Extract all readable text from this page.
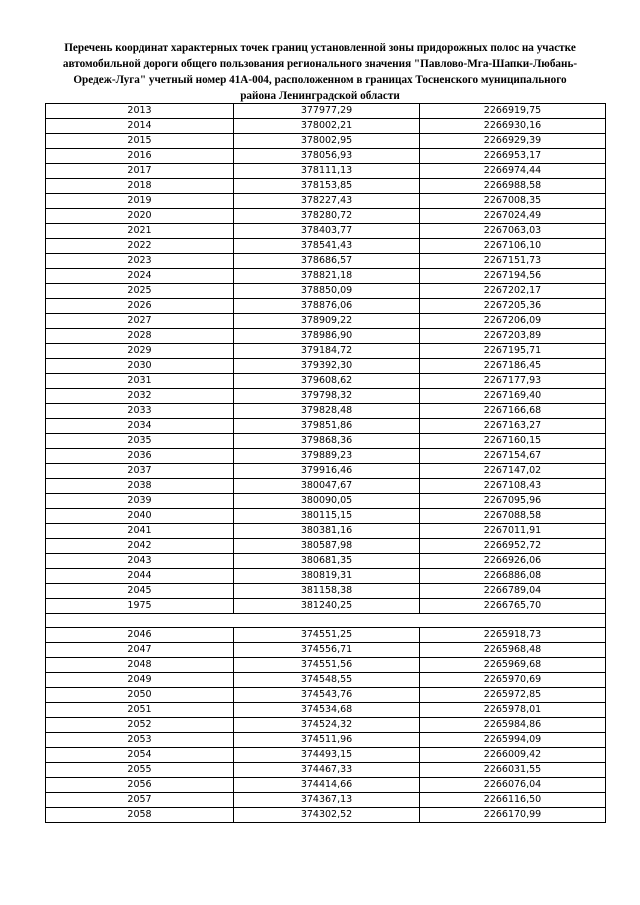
Перечень координат характерных точек границ установленной зоны придорожных полос на участке
автомобильной дороги общего пользования регионального значения "Павлово-Мга-Шапки-Любань-
Оредеж-Луга" учетный номер 41А-004, расположенном в границах Тосненского муниципального
района Ленинградской области
2013	377977,29	2266919,75
2014	378002,21	2266930,16
2015	378002,95	2266929,39
2016	378056,93	2266953,17
2017	378111,13	2266974,44
2018	378153,85	2266988,58
2019	378227,43	2267008,35
2020	378280,72	2267024,49
2021	378403,77	2267063,03
2022	378541,43	2267106,10
2023	378686,57	2267151,73
2024	378821,18	2267194,56
2025	378850,09	2267202,17
2026	378876,06	2267205,36
2027	378909,22	2267206,09
2028	378986,90	2267203,89
2029	379184,72	2267195,71
2030	379392,30	2267186,45
2031	379608,62	2267177,93
2032	379798,32	2267169,40
2033	379828,48	2267166,68
2034	379851,86	2267163,27
2035	379868,36	2267160,15
2036	379889,23	2267154,67
2037	379916,46	2267147,02
2038	380047,67	2267108,43
2039	380090,05	2267095,96
2040	380115,15	2267088,58
2041	380381,16	2267011,91
2042	380587,98	2266952,72
2043	380681,35	2266926,06
2044	380819,31	2266886,08
2045	381158,38	2266789,04
1975	381240,25	2266765,70

2046	374551,25	2265918,73
2047	374556,71	2265968,48
2048	374551,56	2265969,68
2049	374548,55	2265970,69
2050	374543,76	2265972,85
2051	374534,68	2265978,01
2052	374524,32	2265984,86
2053	374511,96	2265994,09
2054	374493,15	2266009,42
2055	374467,33	2266031,55
2056	374414,66	2266076,04
2057	374367,13	2266116,50
2058	374302,52	2266170,99
